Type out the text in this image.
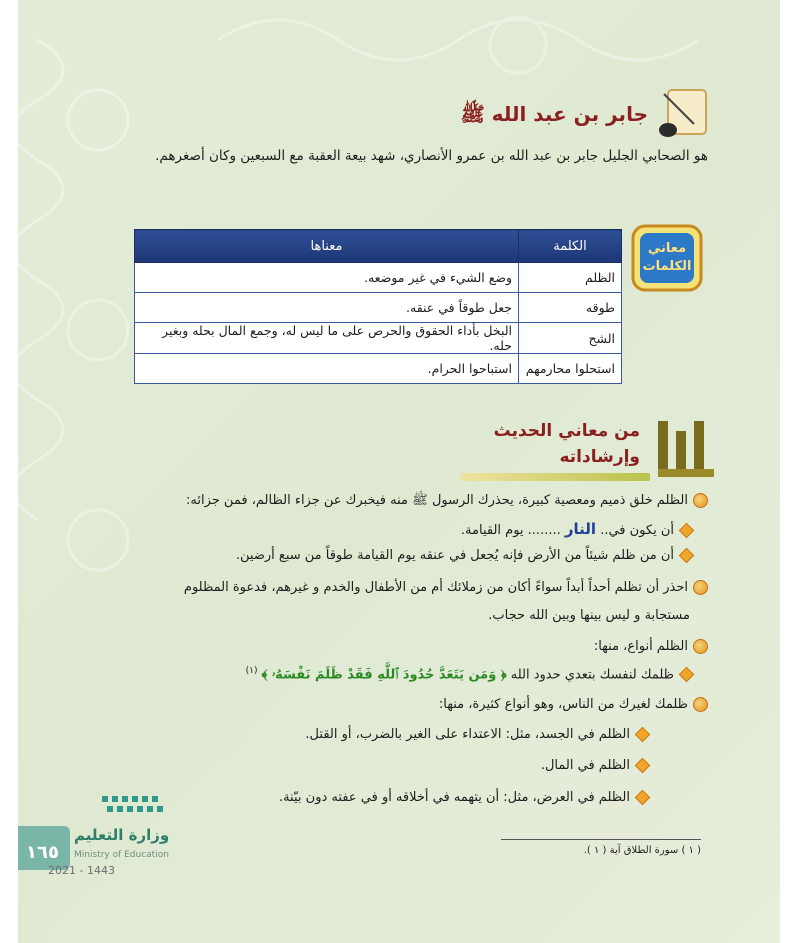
جابر بن عبد الله ﷺ
هو الصحابي الجليل جابر بن عبد الله بن عمرو الأنصاري، شهد بيعة العقبة مع السبعين وكان أصغرهم.
معاني الكلمات
الكلمة	معناها
الظلم	وضع الشيء في غير موضعه.
طوقه	جعل طوقاً في عنقه.
الشح	البخل بأداء الحقوق والحرص على ما ليس له، وجمع المال بحله وبغير حله.
استحلوا محارمهم	استباحوا الحرام.
من معاني الحديث
وإرشاداته
الظلم خلق ذميم ومعصية كبيرة، يحذرك الرسول ﷺ منه فيخبرك عن جزاء الظالم، فمن جزائه:
أن يكون في.. النار ........ يوم القيامة.
أن من ظلم شيئاً من الأرض فإنه يُجعل في عنقه يوم القيامة طوقاً من سبع أرضين.
احذر أن تظلم أحداً أبداً سواءً أكان من زملائك أم من الأطفال والخدم و غيرهم، فدعوة المظلوم
مستجابة و ليس بينها وبين الله حجاب.
الظلم أنواع، منها:
ظلمك لنفسك بتعدي حدود الله ﴿ وَمَن يَتَعَدَّ حُدُودَ ٱللَّهِ فَقَدْ ظَلَمَ نَفْسَهُۥ ﴾ $^{(١)}$
ظلمك لغيرك من الناس، وهو أنواع كثيرة، منها:
الظلم في الجسد، مثل: الاعتداء على الغير بالضرب، أو القتل.
الظلم في المال.
الظلم في العرض، مثل: أن يتهمه في أخلاقه أو في عفته دون بيّنة.
( ١ ) سورة الطلاق آية ( ١ ).
١٦٥
وزارة التعليم
Ministry of Education
2021 - 1443
